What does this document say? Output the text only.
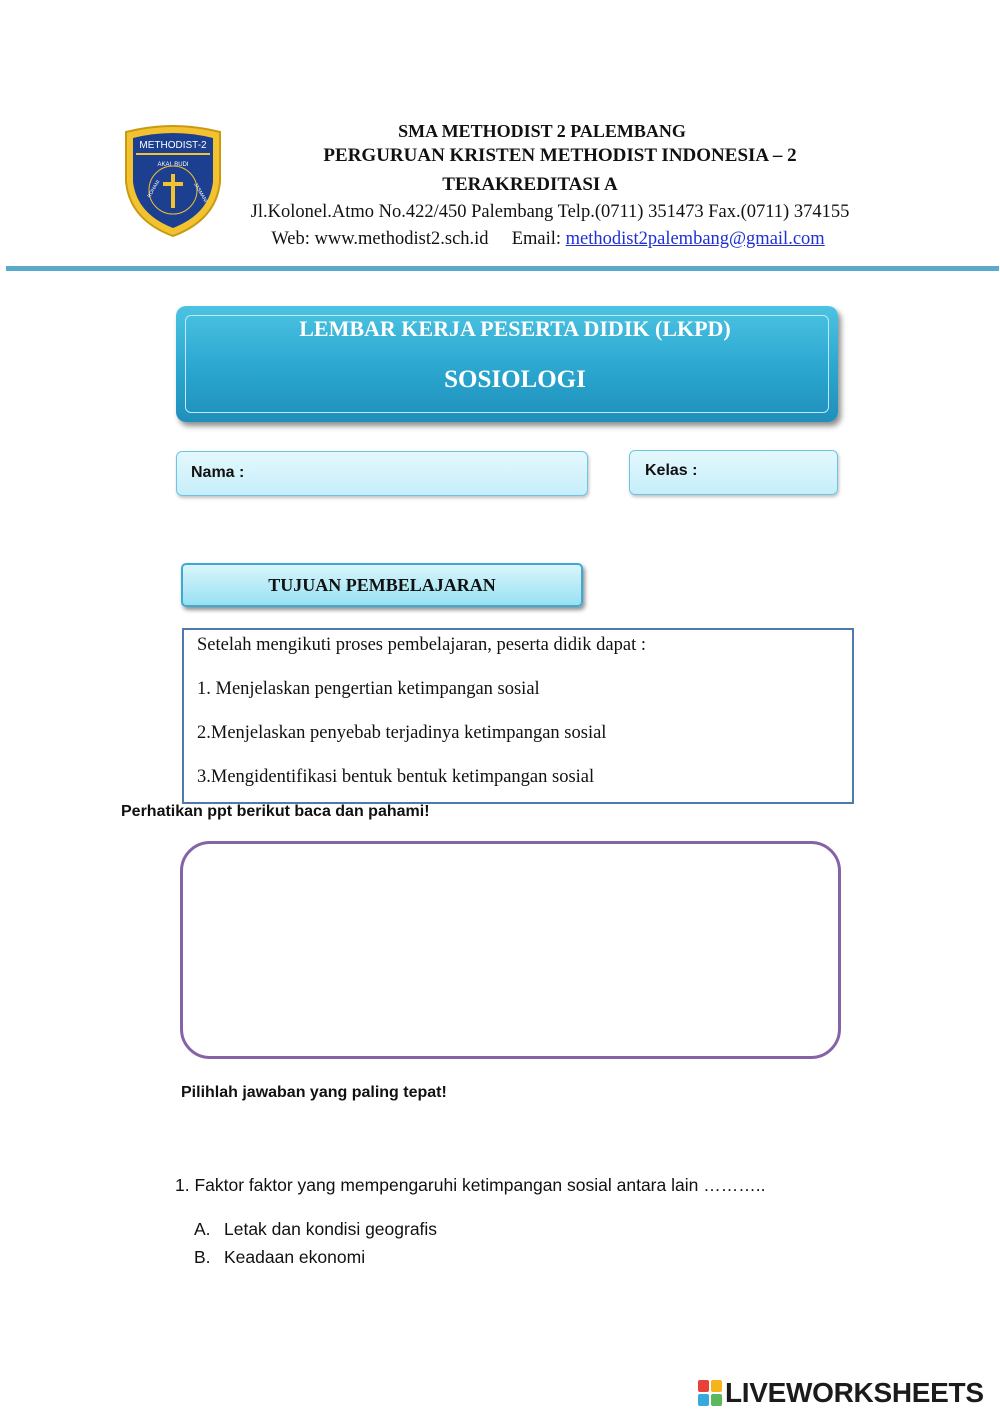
METHODIST-2
AKAL BUDI
ROHANI	JASMANI
SMA METHODIST 2 PALEMBANG
PERGURUAN KRISTEN METHODIST INDONESIA – 2
TERAKREDITASI A
Jl.Kolonel.Atmo No.422/450 Palembang Telp.(0711) 351473 Fax.(0711) 374155
Web: www.methodist2.sch.id Email: methodist2palembang@gmail.com
LEMBAR KERJA PESERTA DIDIK (LKPD)
SOSIOLOGI
Nama :	Kelas :
TUJUAN PEMBELAJARAN
Setelah mengikuti proses pembelajaran, peserta didik dapat :
1. Menjelaskan pengertian ketimpangan sosial
2.Menjelaskan penyebab terjadinya ketimpangan sosial
3.Mengidentifikasi bentuk bentuk ketimpangan sosial
Perhatikan ppt berikut baca dan pahami!
Pilihlah jawaban yang paling tepat!
1. Faktor faktor yang mempengaruhi ketimpangan sosial antara lain ………..
A. Letak dan kondisi geografis
B. Keadaan ekonomi
LIVEWORKSHEETS
